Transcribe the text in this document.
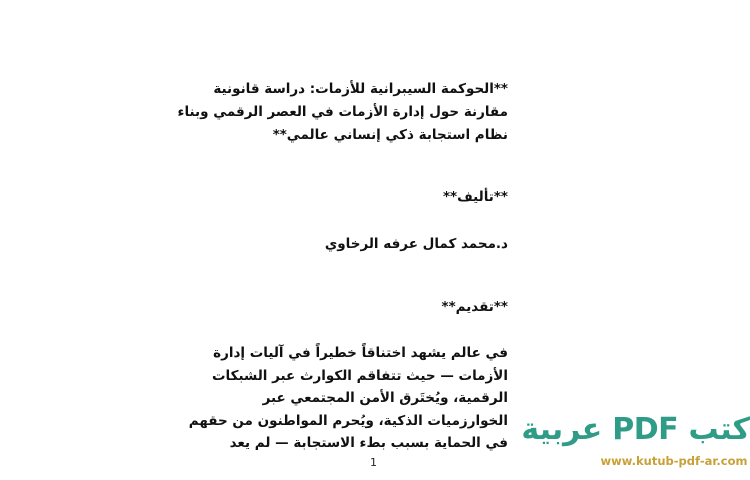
**الحوكمة السيبرانية للأزمات: دراسة قانونية
مقارنة حول إدارة الأزمات في العصر الرقمي وبناء
نظام استجابة ذكي إنساني عالمي**
**تأليف**
د.محمد كمال عرفه الرخاوي
**تقديم**
في عالم يشهد اختناقاً خطيراً في آليات إدارة
الأزمات — حيث تتفاقم الكوارث عبر الشبكات
الرقمية، ويُختَرق الأمن المجتمعي عبر
الخوارزميات الذكية، ويُحرم المواطنون من حقهم
في الحماية بسبب بطء الاستجابة — لم يعد
1
كتب PDF عربية
www.kutub-pdf-ar.com
